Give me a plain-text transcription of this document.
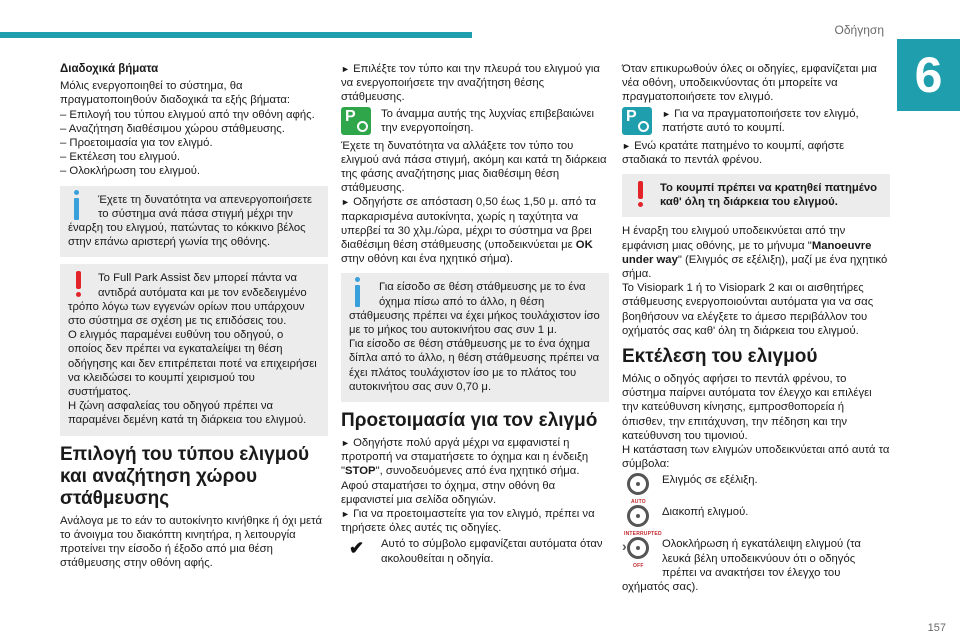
Οδήγηση
6
157

Διαδοχικά βήματα

Μόλις ενεργοποιηθεί το σύστημα, θα πραγματοποιηθούν διαδοχικά τα εξής βήματα:

– Επιλογή του τύπου ελιγμού από την οθόνη αφής.
– Αναζήτηση διαθέσιμου χώρου στάθμευσης.
– Προετοιμασία για τον ελιγμό.
– Εκτέλεση του ελιγμού.
– Ολοκλήρωση του ελιγμού.

Έχετε τη δυνατότητα να απενεργοποιήσετε το σύστημα ανά πάσα στιγμή μέχρι την έναρξη του ελιγμού, πατώντας το κόκκινο βέλος στην επάνω αριστερή γωνία της οθόνης.

Το Full Park Assist δεν μπορεί πάντα να αντιδρά αυτόματα και με τον ενδεδειγμένο τρόπο λόγω των εγγενών ορίων που υπάρχουν στο σύστημα σε σχέση με τις επιδόσεις του.

Ο ελιγμός παραμένει ευθύνη του οδηγού, ο οποίος δεν πρέπει να εγκαταλείψει τη θέση οδήγησης και δεν επιτρέπεται ποτέ να επιχειρήσει να κλειδώσει το κουμπί χειρισμού του συστήματος.

Η ζώνη ασφαλείας του οδηγού πρέπει να παραμένει δεμένη κατά τη διάρκεια του ελιγμού.

Επιλογή του τύπου ελιγμού και αναζήτηση χώρου στάθμευσης

Ανάλογα με το εάν το αυτοκίνητο κινήθηκε ή όχι μετά το άνοιγμα του διακόπτη κινητήρα, η λειτουργία προτείνει την είσοδο ή έξοδο από μια θέση στάθμευσης στην οθόνη αφής.

► Επιλέξτε τον τύπο και την πλευρά του ελιγμού για να ενεργοποιήσετε την αναζήτηση θέσης στάθμευσης.

P	Το άναμμα αυτής της λυχνίας επιβεβαιώνει την ενεργοποίηση.

Έχετε τη δυνατότητα να αλλάξετε τον τύπο του ελιγμού ανά πάσα στιγμή, ακόμη και κατά τη διάρκεια της φάσης αναζήτησης μιας διαθέσιμη θέση στάθμευσης.

► Οδηγήστε σε απόσταση 0,50 έως 1,50 μ. από τα παρκαρισμένα αυτοκίνητα, χωρίς η ταχύτητα να υπερβεί τα 30 χλμ./ώρα, μέχρι το σύστημα να βρει διαθέσιμη θέση στάθμευσης (υποδεικνύεται με OK στην οθόνη και ένα ηχητικό σήμα).

Για είσοδο σε θέση στάθμευσης με το ένα όχημα πίσω από το άλλο, η θέση στάθμευσης πρέπει να έχει μήκος τουλάχιστον ίσο με το μήκος του αυτοκινήτου σας συν 1 μ.

Για είσοδο σε θέση στάθμευσης με το ένα όχημα δίπλα από το άλλο, η θέση στάθμευσης πρέπει να έχει πλάτος τουλάχιστον ίσο με το πλάτος του αυτοκινήτου σας συν 0,70 μ.

Προετοιμασία για τον ελιγμό

► Οδηγήστε πολύ αργά μέχρι να εμφανιστεί η προτροπή να σταματήσετε το όχημα και η ένδειξη "STOP", συνοδευόμενες από ένα ηχητικό σήμα.

Αφού σταματήσει το όχημα, στην οθόνη θα εμφανιστεί μια σελίδα οδηγιών.

► Για να προετοιμαστείτε για τον ελιγμό, πρέπει να τηρήσετε όλες αυτές τις οδηγίες.

✔	Αυτό το σύμβολο εμφανίζεται αυτόματα όταν ακολουθείται η οδηγία.

Όταν επικυρωθούν όλες οι οδηγίες, εμφανίζεται μια νέα οθόνη, υποδεικνύοντας ότι μπορείτε να πραγματοποιήσετε τον ελιγμό.

P	► Για να πραγματοποιήσετε τον ελιγμό, πατήστε αυτό το κουμπί.

► Ενώ κρατάτε πατημένο το κουμπί, αφήστε σταδιακά το πεντάλ φρένου.

Το κουμπί πρέπει να κρατηθεί πατημένο καθ' όλη τη διάρκεια του ελιγμού.

Η έναρξη του ελιγμού υποδεικνύεται από την εμφάνιση μιας οθόνης, με το μήνυμα "Manoeuvre under way" (Ελιγμός σε εξέλιξη), μαζί με ένα ηχητικό σήμα.

Το Visiopark 1 ή το Visiopark 2 και οι αισθητήρες στάθμευσης ενεργοποιούνται αυτόματα για να σας βοηθήσουν να ελέγξετε το άμεσο περιβάλλον του οχήματός σας καθ' όλη τη διάρκεια του ελιγμού.

Εκτέλεση του ελιγμού

Μόλις ο οδηγός αφήσει το πεντάλ φρένου, το σύστημα παίρνει αυτόματα τον έλεγχο και επιλέγει την κατεύθυνση κίνησης, εμπροσθοπορεία ή όπισθεν, την επιτάχυνση, την πέδηση και την κατεύθυνση του τιμονιού.

Η κατάσταση των ελιγμών υποδεικνύεται από αυτά τα σύμβολα:

AUTO

Ελιγμός σε εξέλιξη.

INTERRUPTED

Διακοπή ελιγμού.

›
OFF

Ολοκλήρωση ή εγκατάλειψη ελιγμού (τα λευκά βέλη υποδεικνύουν ότι ο οδηγός πρέπει να ανακτήσει τον έλεγχο του οχήματός σας).
